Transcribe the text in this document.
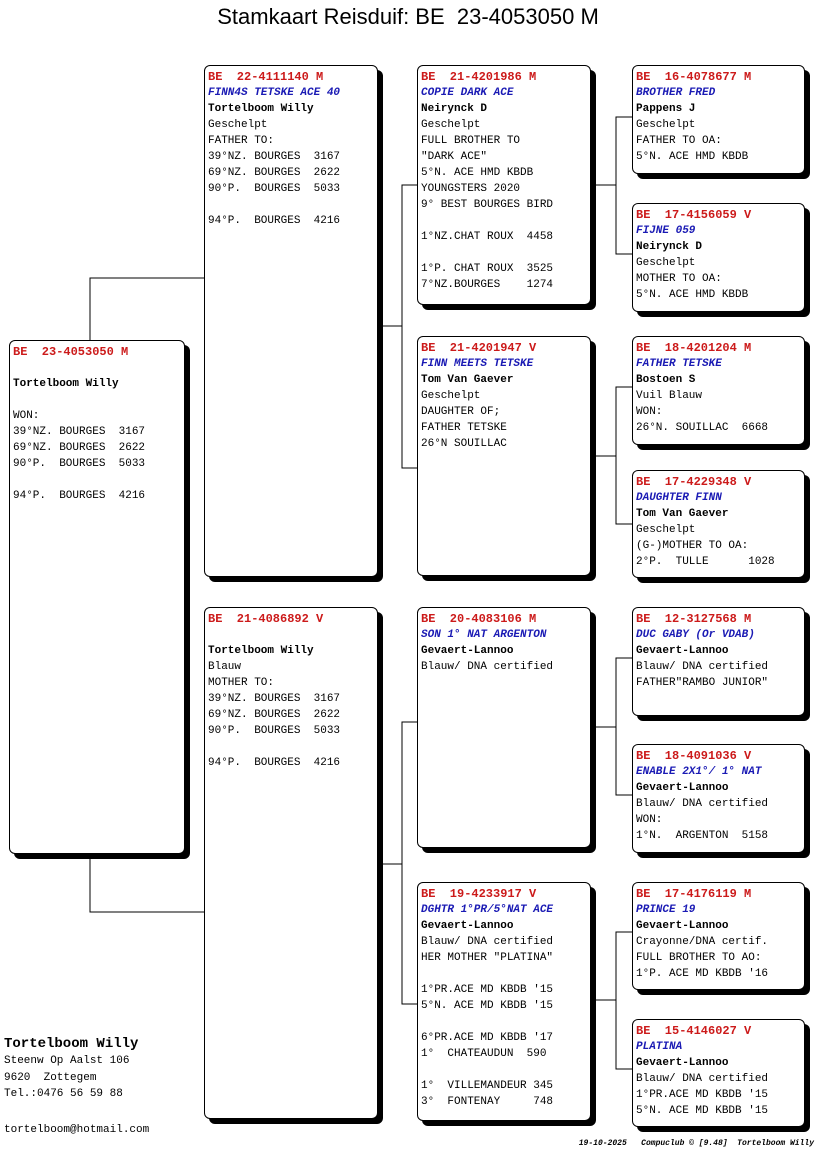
Stamkaart Reisduif: BE  23-4053050 M
BE  23-4053050 M
Tortelboom Willy
WON:
39°NZ. BOURGES  3167
69°NZ. BOURGES  2622
90°P.  BOURGES  5033
94°P.  BOURGES  4216
BE  22-4111140 M
FINN4S TETSKE ACE 40
Tortelboom Willy
Geschelpt
FATHER TO:
39°NZ. BOURGES  3167
69°NZ. BOURGES  2622
90°P.  BOURGES  5033
94°P.  BOURGES  4216
BE  21-4086892 V
Tortelboom Willy
Blauw
MOTHER TO:
39°NZ. BOURGES  3167
69°NZ. BOURGES  2622
90°P.  BOURGES  5033
94°P.  BOURGES  4216
BE  21-4201986 M
COPIE DARK ACE
Neirynck D
Geschelpt
FULL BROTHER TO
"DARK ACE"
5°N. ACE HMD KBDB
YOUNGSTERS 2020
9° BEST BOURGES BIRD
1°NZ.CHAT ROUX  4458
1°P. CHAT ROUX  3525
7°NZ.BOURGES    1274
BE  21-4201947 V
FINN MEETS TETSKE
Tom Van Gaever
Geschelpt
DAUGHTER OF;
FATHER TETSKE
26°N SOUILLAC
BE  20-4083106 M
SON 1° NAT ARGENTON
Gevaert-Lannoo
Blauw/ DNA certified
BE  19-4233917 V
DGHTR 1°PR/5°NAT ACE
Gevaert-Lannoo
Blauw/ DNA certified
HER MOTHER "PLATINA"
1°PR.ACE MD KBDB '15
5°N. ACE MD KBDB '15
6°PR.ACE MD KBDB '17
1°  CHATEAUDUN  590
1°  VILLEMANDEUR 345
3°  FONTENAY     748
BE  16-4078677 M
BROTHER FRED
Pappens J
Geschelpt
FATHER TO OA:
5°N. ACE HMD KBDB
BE  17-4156059 V
FIJNE 059
Neirynck D
Geschelpt
MOTHER TO OA:
5°N. ACE HMD KBDB
BE  18-4201204 M
FATHER TETSKE
Bostoen S
Vuil Blauw
WON:
26°N. SOUILLAC  6668
BE  17-4229348 V
DAUGHTER FINN
Tom Van Gaever
Geschelpt
(G-)MOTHER TO OA:
2°P.  TULLE      1028
BE  12-3127568 M
DUC GABY (Or VDAB)
Gevaert-Lannoo
Blauw/ DNA certified
FATHER"RAMBO JUNIOR"
BE  18-4091036 V
ENABLE 2X1°/ 1° NAT
Gevaert-Lannoo
Blauw/ DNA certified
WON:
1°N.  ARGENTON  5158
BE  17-4176119 M
PRINCE 19
Gevaert-Lannoo
Crayonne/DNA certif.
FULL BROTHER TO AO:
1°P. ACE MD KBDB '16
BE  15-4146027 V
PLATINA
Gevaert-Lannoo
Blauw/ DNA certified
1°PR.ACE MD KBDB '15
5°N. ACE MD KBDB '15
Tortelboom Willy
Steenw Op Aalst 106
9620  Zottegem
Tel.:0476 56 59 88
tortelboom@hotmail.com
19-10-2025   Compuclub © [9.48]  Tortelboom Willy
